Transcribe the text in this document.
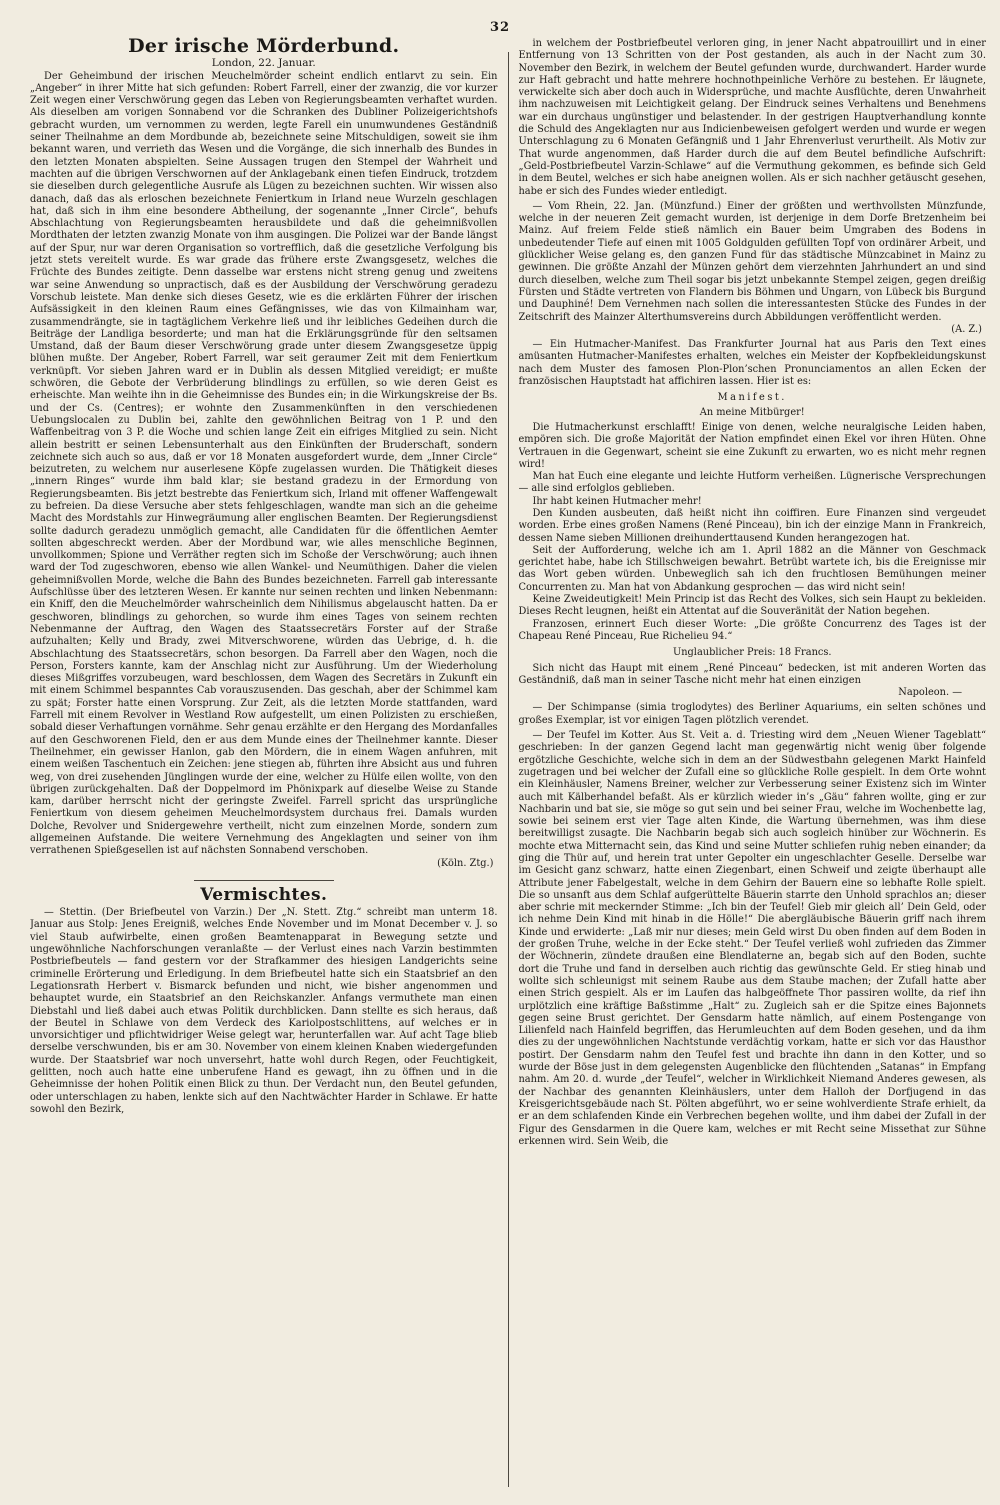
32
Der irische Mörderbund.
London, 22. Januar.

Der Geheimbund der irischen Meuchelmörder scheint endlich entlarvt zu sein. Ein „Angeber“ in ihrer Mitte hat sich gefunden: Robert Farrell, einer der zwanzig, die vor kurzer Zeit wegen einer Verschwörung gegen das Leben von Regierungsbeamten verhaftet wurden. Als dieselben am vorigen Sonnabend vor die Schranken des Dubliner Polizeigerichtshofs gebracht wurden, um vernommen zu werden, legte Farell ein unumwundenes Geständniß seiner Theilnahme an dem Mordbunde ab, bezeichnete seine Mitschuldigen, soweit sie ihm bekannt waren, und verrieth das Wesen und die Vorgänge, die sich innerhalb des Bundes in den letzten Monaten abspielten. Seine Aussagen trugen den Stempel der Wahrheit und machten auf die übrigen Verschwornen auf der Anklagebank einen tiefen Eindruck, trotzdem sie dieselben durch gelegentliche Ausrufe als Lügen zu bezeichnen suchten. Wir wissen also danach, daß das als erloschen bezeichnete Feniertkum in Irland neue Wurzeln geschlagen hat, daß sich in ihm eine besondere Abtheilung, der sogenannte „Inner Circle“, behufs Abschlachtung von Regierungsbeamten herausbildete und daß die geheimnißvollen Mordthaten der letzten zwanzig Monate von ihm ausgingen. Die Polizei war der Bande längst auf der Spur, nur war deren Organisation so vortrefflich, daß die gesetzliche Verfolgung bis jetzt stets vereitelt wurde. Es war grade das frühere erste Zwangsgesetz, welches die Früchte des Bundes zeitigte. Denn dasselbe war erstens nicht streng genug und zweitens war seine Anwendung so unpractisch, daß es der Ausbildung der Verschwörung geradezu Vorschub leistete. Man denke sich dieses Gesetz, wie es die erklärten Führer der irischen Aufsässigkeit in den kleinen Raum eines Gefängnisses, wie das von Kilmainham war, zusammendrängte, sie in tagtäglichem Verkehre ließ und ihr leibliches Gedeihen durch die Beiträge der Landliga besorderte; und man hat die Erklärungsgründe für den seltsamen Umstand, daß der Baum dieser Verschwörung grade unter diesem Zwangsgesetze üppig blühen mußte. Der Angeber, Robert Farrell, war seit geraumer Zeit mit dem Feniertkum verknüpft. Vor sieben Jahren ward er in Dublin als dessen Mitglied vereidigt; er mußte schwören, die Gebote der Verbrüderung blindlings zu erfüllen, so wie deren Geist es erheischte. Man weihte ihn in die Geheimnisse des Bundes ein; in die Wirkungskreise der Bs. und der Cs. (Centres); er wohnte den Zusammenkünften in den verschiedenen Uebungslocalen zu Dublin bei, zahlte den gewöhnlichen Beitrag von 1 P. und den Waffenbeitrag von 3 P. die Woche und schien lange Zeit ein eifriges Mitglied zu sein. Nicht allein bestritt er seinen Lebensunterhalt aus den Einkünften der Bruderschaft, sondern zeichnete sich auch so aus, daß er vor 18 Monaten ausgefordert wurde, dem „Inner Circle“ beizutreten, zu welchem nur auserlesene Köpfe zugelassen wurden. Die Thätigkeit dieses „innern Ringes“ wurde ihm bald klar; sie bestand gradezu in der Ermordung von Regierungsbeamten. Bis jetzt bestrebte das Feniertkum sich, Irland mit offener Waffengewalt zu befreien. Da diese Versuche aber stets fehlgeschlagen, wandte man sich an die geheime Macht des Mordstahls zur Hinwegräumung aller englischen Beamten. Der Regierungsdienst sollte dadurch geradezu unmöglich gemacht, alle Candidaten für die öffentlichen Aemter sollten abgeschreckt werden. Aber der Mordbund war, wie alles menschliche Beginnen, unvollkommen; Spione und Verräther regten sich im Schoße der Verschwörung; auch ihnen ward der Tod zugeschworen, ebenso wie allen Wankel- und Neumüthigen. Daher die vielen geheimnißvollen Morde, welche die Bahn des Bundes bezeichneten. Farrell gab interessante Aufschlüsse über des letzteren Wesen. Er kannte nur seinen rechten und linken Nebenmann: ein Kniff, den die Meuchelmörder wahrscheinlich dem Nihilismus abgelauscht hatten. Da er geschworen, blindlings zu gehorchen, so wurde ihm eines Tages von seinem rechten Nebenmanne der Auftrag, den Wagen des Staatssecretärs Forster auf der Straße aufzuhalten; Kelly und Brady, zwei Mitverschworene, würden das Uebrige, d. h. die Abschlachtung des Staatssecretärs, schon besorgen. Da Farrell aber den Wagen, noch die Person, Forsters kannte, kam der Anschlag nicht zur Ausführung. Um der Wiederholung dieses Mißgriffes vorzubeugen, ward beschlossen, dem Wagen des Secretärs in Zukunft ein mit einem Schimmel bespanntes Cab vorauszusenden. Das geschah, aber der Schimmel kam zu spät; Forster hatte einen Vorsprung. Zur Zeit, als die letzten Morde stattfanden, ward Farrell mit einem Revolver in Westland Row aufgestellt, um einen Polizisten zu erschießen, sobald dieser Verhaftungen vornähme. Sehr genau erzählte er den Hergang des Mordanfalles auf den Geschworenen Field, den er aus dem Munde eines der Theilnehmer kannte. Dieser Theilnehmer, ein gewisser Hanlon, gab den Mördern, die in einem Wagen anfuhren, mit einem weißen Taschentuch ein Zeichen: jene stiegen ab, führten ihre Absicht aus und fuhren weg, von drei zusehenden Jünglingen wurde der eine, welcher zu Hülfe eilen wollte, von den übrigen zurückgehalten. Daß der Doppelmord im Phönixpark auf dieselbe Weise zu Stande kam, darüber herrscht nicht der geringste Zweifel. Farrell spricht das ursprüngliche Feniertkum von diesem geheimen Meuchelmordsystem durchaus frei. Damals wurden Dolche, Revolver und Snidergewehre vertheilt, nicht zum einzelnen Morde, sondern zum allgemeinen Aufstande. Die weitere Vernehmung des Angeklagten und seiner von ihm verrathenen Spießgesellen ist auf nächsten Sonnabend verschoben.

(Köln. Ztg.)
Vermischtes.

— Stettin. (Der Briefbeutel von Varzin.) Der „N. Stett. Ztg.“ schreibt man unterm 18. Januar aus Stolp: Jenes Ereigniß, welches Ende November und im Monat December v. J. so viel Staub aufwirbelte, einen großen Beamtenapparat in Bewegung setzte und ungewöhnliche Nachforschungen veranlaßte — der Verlust eines nach Varzin bestimmten Postbriefbeutels — fand gestern vor der Strafkammer des hiesigen Landgerichts seine criminelle Erörterung und Erledigung. In dem Briefbeutel hatte sich ein Staatsbrief an den Legationsrath Herbert v. Bismarck befunden und nicht, wie bisher angenommen und behauptet wurde, ein Staatsbrief an den Reichskanzler. Anfangs vermuthete man einen Diebstahl und ließ dabei auch etwas Politik durchblicken. Dann stellte es sich heraus, daß der Beutel in Schlawe von dem Verdeck des Kariolpostschlittens, auf welches er in unvorsichtiger und pflichtwidriger Weise gelegt war, herunterfallen war. Auf acht Tage blieb derselbe verschwunden, bis er am 30. November von einem kleinen Knaben wiedergefunden wurde. Der Staatsbrief war noch unversehrt, hatte wohl durch Regen, oder Feuchtigkeit, gelitten, noch auch hatte eine unberufene Hand es gewagt, ihn zu öffnen und in die Geheimnisse der hohen Politik einen Blick zu thun. Der Verdacht nun, den Beutel gefunden, oder unterschlagen zu haben, lenkte sich auf den Nachtwächter Harder in Schlawe. Er hatte sowohl den Bezirk,

in welchem der Postbriefbeutel verloren ging, in jener Nacht abpatrouillirt und in einer Entfernung von 13 Schritten von der Post gestanden, als auch in der Nacht zum 30. November den Bezirk, in welchem der Beutel gefunden wurde, durchwandert. Harder wurde zur Haft gebracht und hatte mehrere hochnothpeinliche Verhöre zu bestehen. Er läugnete, verwickelte sich aber doch auch in Widersprüche, und machte Ausflüchte, deren Unwahrheit ihm nachzuweisen mit Leichtigkeit gelang. Der Eindruck seines Verhaltens und Benehmens war ein durchaus ungünstiger und belastender. In der gestrigen Hauptverhandlung konnte die Schuld des Angeklagten nur aus Indicienbeweisen gefolgert werden und wurde er wegen Unterschlagung zu 6 Monaten Gefängniß und 1 Jahr Ehrenverlust verurtheilt. Als Motiv zur That wurde angenommen, daß Harder durch die auf dem Beutel befindliche Aufschrift: „Geld-Postbriefbeutel Varzin-Schlawe“ auf die Vermuthung gekommen, es befinde sich Geld in dem Beutel, welches er sich habe aneignen wollen. Als er sich nachher getäuscht gesehen, habe er sich des Fundes wieder entledigt.

— Vom Rhein, 22. Jan. (Münzfund.) Einer der größten und werthvollsten Münzfunde, welche in der neueren Zeit gemacht wurden, ist derjenige in dem Dorfe Bretzenheim bei Mainz. Auf freiem Felde stieß nämlich ein Bauer beim Umgraben des Bodens in unbedeutender Tiefe auf einen mit 1005 Goldgulden gefüllten Topf von ordinärer Arbeit, und glücklicher Weise gelang es, den ganzen Fund für das städtische Münzcabinet in Mainz zu gewinnen. Die größte Anzahl der Münzen gehört dem vierzehnten Jahrhundert an und sind durch dieselben, welche zum Theil sogar bis jetzt unbekannte Stempel zeigen, gegen dreißig Fürsten und Städte vertreten von Flandern bis Böhmen und Ungarn, von Lübeck bis Burgund und Dauphiné! Dem Vernehmen nach sollen die interessantesten Stücke des Fundes in der Zeitschrift des Mainzer Alterthumsvereins durch Abbildungen veröffentlicht werden.

(A. Z.)

— Ein Hutmacher-Manifest. Das Frankfurter Journal hat aus Paris den Text eines amüsanten Hutmacher-Manifestes erhalten, welches ein Meister der Kopfbekleidungskunst nach dem Muster des famosen Plon-Plon’schen Pronunciamentos an allen Ecken der französischen Hauptstadt hat affichiren lassen. Hier ist es:

Manifest.

An meine Mitbürger!

Die Hutmacherkunst erschlafft! Einige von denen, welche neuralgische Leiden haben, empören sich. Die große Majorität der Nation empfindet einen Ekel vor ihren Hüten. Ohne Vertrauen in die Gegenwart, scheint sie eine Zukunft zu erwarten, wo es nicht mehr regnen wird!

Man hat Euch eine elegante und leichte Hutform verheißen. Lügnerische Versprechungen — alle sind erfolglos geblieben.

Ihr habt keinen Hutmacher mehr!

Den Kunden ausbeuten, daß heißt nicht ihn coiffiren. Eure Finanzen sind vergeudet worden. Erbe eines großen Namens (René Pinceau), bin ich der einzige Mann in Frankreich, dessen Name sieben Millionen dreihunderttausend Kunden herangezogen hat.

Seit der Aufforderung, welche ich am 1. April 1882 an die Männer von Geschmack gerichtet habe, habe ich Stillschweigen bewahrt. Betrübt wartete ich, bis die Ereignisse mir das Wort geben würden. Unbeweglich sah ich den fruchtlosen Bemühungen meiner Concurrenten zu. Man hat von Abdankung gesprochen — das wird nicht sein!

Keine Zweideutigkeit! Mein Princip ist das Recht des Volkes, sich sein Haupt zu bekleiden. Dieses Recht leugnen, heißt ein Attentat auf die Souveränität der Nation begehen.

Franzosen, erinnert Euch dieser Worte: „Die größte Concurrenz des Tages ist der Chapeau René Pinceau, Rue Richelieu 94.“

Unglaublicher Preis: 18 Francs.

Sich nicht das Haupt mit einem „René Pinceau“ bedecken, ist mit anderen Worten das Geständniß, daß man in seiner Tasche nicht mehr hat einen einzigen

Napoleon. —

— Der Schimpanse (simia troglodytes) des Berliner Aquariums, ein selten schönes und großes Exemplar, ist vor einigen Tagen plötzlich verendet.

— Der Teufel im Kotter. Aus St. Veit a. d. Triesting wird dem „Neuen Wiener Tageblatt“ geschrieben: In der ganzen Gegend lacht man gegenwärtig nicht wenig über folgende ergötzliche Geschichte, welche sich in dem an der Südwestbahn gelegenen Markt Hainfeld zugetragen und bei welcher der Zufall eine so glückliche Rolle gespielt. In dem Orte wohnt ein Kleinhäusler, Namens Breiner, welcher zur Verbesserung seiner Existenz sich im Winter auch mit Kälberhandel befaßt. Als er kürzlich wieder in’s „Gäu“ fahren wollte, ging er zur Nachbarin und bat sie, sie möge so gut sein und bei seiner Frau, welche im Wochenbette lag, sowie bei seinem erst vier Tage alten Kinde, die Wartung übernehmen, was ihm diese bereitwilligst zusagte. Die Nachbarin begab sich auch sogleich hinüber zur Wöchnerin. Es mochte etwa Mitternacht sein, das Kind und seine Mutter schliefen ruhig neben einander; da ging die Thür auf, und herein trat unter Gepolter ein ungeschlachter Geselle. Derselbe war im Gesicht ganz schwarz, hatte einen Ziegenbart, einen Schweif und zeigte überhaupt alle Attribute jener Fabelgestalt, welche in dem Gehirn der Bauern eine so lebhafte Rolle spielt. Die so unsanft aus dem Schlaf aufgerüttelte Bäuerin starrte den Unhold sprachlos an; dieser aber schrie mit meckernder Stimme: „Ich bin der Teufel! Gieb mir gleich all’ Dein Geld, oder ich nehme Dein Kind mit hinab in die Hölle!“ Die abergläubische Bäuerin griff nach ihrem Kinde und erwiderte: „Laß mir nur dieses; mein Geld wirst Du oben finden auf dem Boden in der großen Truhe, welche in der Ecke steht.“ Der Teufel verließ wohl zufrieden das Zimmer der Wöchnerin, zündete draußen eine Blendlaterne an, begab sich auf den Boden, suchte dort die Truhe und fand in derselben auch richtig das gewünschte Geld. Er stieg hinab und wollte sich schleunigst mit seinem Raube aus dem Staube machen; der Zufall hatte aber einen Strich gespielt. Als er im Laufen das halbgeöffnete Thor passiren wollte, da rief ihn urplötzlich eine kräftige Baßstimme „Halt“ zu. Zugleich sah er die Spitze eines Bajonnets gegen seine Brust gerichtet. Der Gensdarm hatte nämlich, auf einem Postengange von Lilienfeld nach Hainfeld begriffen, das Herumleuchten auf dem Boden gesehen, und da ihm dies zu der ungewöhnlichen Nachtstunde verdächtig vorkam, hatte er sich vor das Hausthor postirt. Der Gensdarm nahm den Teufel fest und brachte ihn dann in den Kotter, und so wurde der Böse just in dem gelegensten Augenblicke den flüchtenden „Satanas“ in Empfang nahm. Am 20. d. wurde „der Teufel“, welcher in Wirklichkeit Niemand Anderes gewesen, als der Nachbar des genannten Kleinhäuslers, unter dem Halloh der Dorfjugend in das Kreisgerichtsgebäude nach St. Pölten abgeführt, wo er seine wohlverdiente Strafe erhielt, da er an dem schlafenden Kinde ein Verbrechen begehen wollte, und ihm dabei der Zufall in der Figur des Gensdarmen in die Quere kam, welches er mit Recht seine Missethat zur Sühne erkennen wird. Sein Weib, die
